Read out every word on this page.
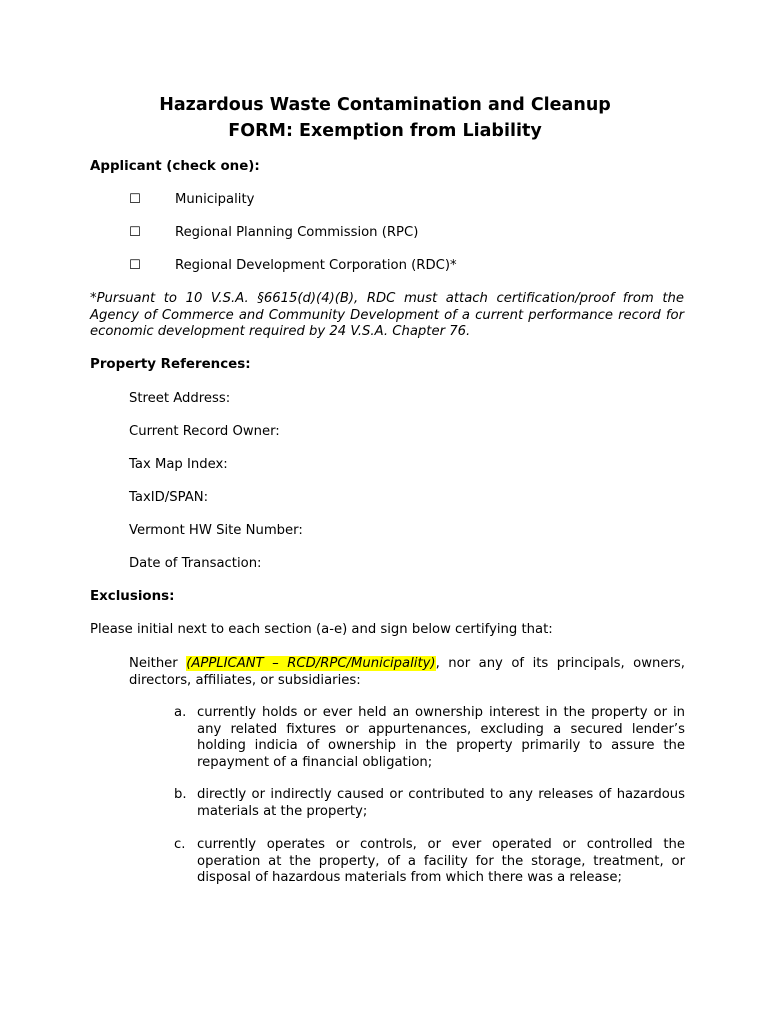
Hazardous Waste Contamination and Cleanup
FORM: Exemption from Liability
Applicant (check one):
☐	Municipality
☐	Regional Planning Commission (RPC)
☐	Regional Development Corporation (RDC)*
*Pursuant to 10 V.S.A. §6615(d)(4)(B), RDC must attach certification/proof from the Agency of Commerce and Community Development of a current performance record for economic development required by 24 V.S.A. Chapter 76.
Property References:
Street Address:
Current Record Owner:
Tax Map Index:
TaxID/SPAN:
Vermont HW Site Number:
Date of Transaction:
Exclusions:
Please initial next to each section (a-e) and sign below certifying that:
Neither (APPLICANT – RCD/RPC/Municipality), nor any of its principals, owners, directors, affiliates, or subsidiaries:
a. currently holds or ever held an ownership interest in the property or in any related fixtures or appurtenances, excluding a secured lender’s holding indicia of ownership in the property primarily to assure the repayment of a financial obligation;
b. directly or indirectly caused or contributed to any releases of hazardous materials at the property;
c. currently operates or controls, or ever operated or controlled the operation at the property, of a facility for the storage, treatment, or disposal of hazardous materials from which there was a release;
